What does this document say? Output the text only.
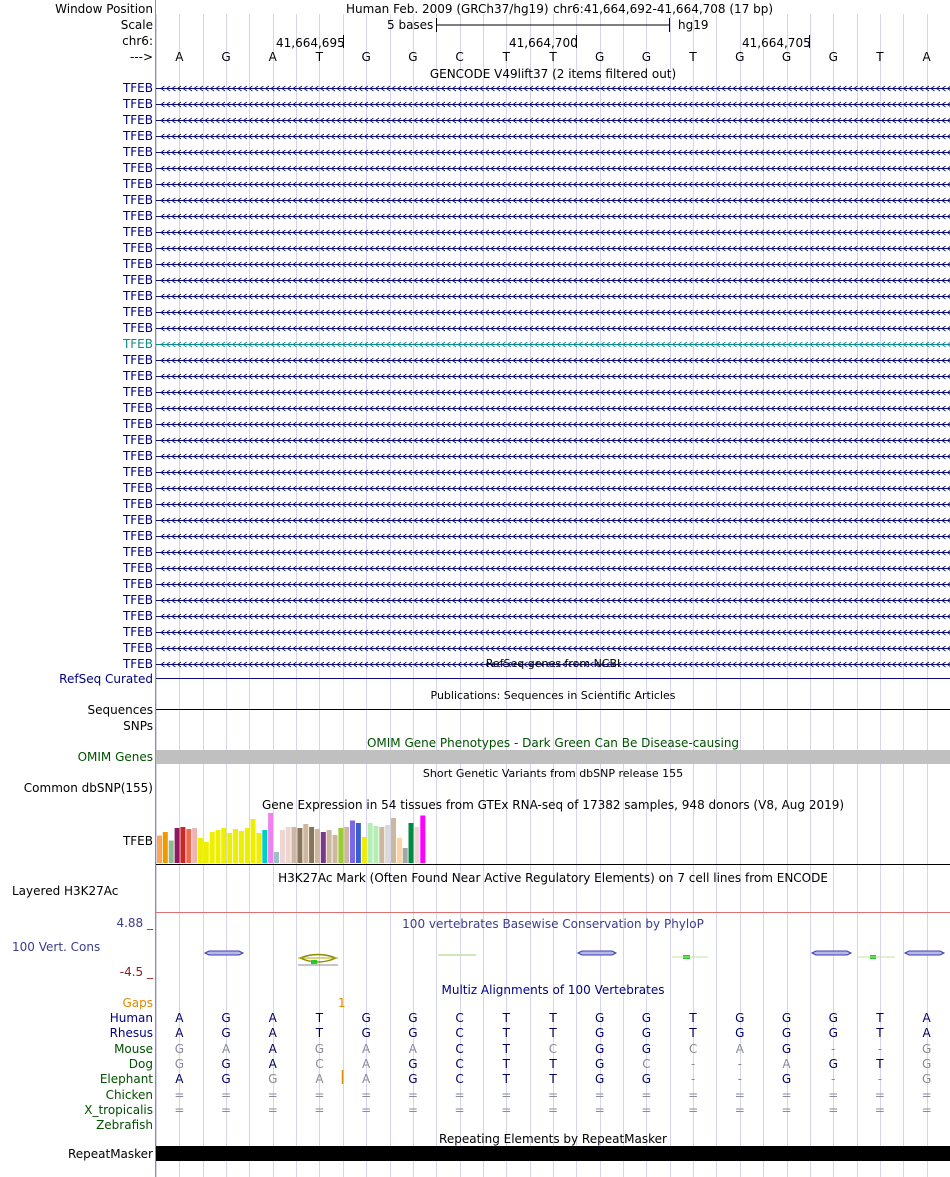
Window Position
Scale
chr6:
--->
Human Feb. 2009 (GRCh37/hg19) chr6:41,664,692-41,664,708 (17 bp)
5 bases	hg19
41,664,695	41,664,700	41,664,705
A	G	A	T	G	G	C	T	T	G	G	T	G	G	G	T	A
GENCODE V49lift37 (2 items filtered out)
TFEB
TFEB
TFEB
TFEB
TFEB
TFEB
TFEB
TFEB
TFEB
TFEB
TFEB
TFEB
TFEB
TFEB
TFEB
TFEB
TFEB
TFEB
TFEB
TFEB
TFEB
TFEB
TFEB
TFEB
TFEB
TFEB
TFEB
TFEB
TFEB
TFEB
TFEB
TFEB
TFEB
TFEB
TFEB
TFEB
TFEB	RefSeq genes from NCBI
RefSeq Curated
Publications: Sequences in Scientific Articles
Sequences
SNPs
OMIM Gene Phenotypes - Dark Green Can Be Disease-causing
OMIM Genes
Short Genetic Variants from dbSNP release 155
Common dbSNP(155)
Gene Expression in 54 tissues from GTEx RNA-seq of 17382 samples, 948 donors (V8, Aug 2019)
TFEB
H3K27Ac Mark (Often Found Near Active Regulatory Elements) on 7 cell lines from ENCODE
Layered H3K27Ac
100 vertebrates Basewise Conservation by PhyloP
4.88 _
100 Vert. Cons
-4.5 _
Multiz Alignments of 100 Vertebrates
Gaps	1
Human	A	G	A	T	G	G	C	T	T	G	G	T	G	G	G	T	A
Rhesus	A	G	A	T	G	G	C	T	T	G	G	T	G	G	G	T	A
Mouse	G	A	A	G	A	A	C	T	C	G	G	C	A	G	-	-	G
Dog	G	G	A	C	A	G	C	T	T	G	C	-	-	A	G	T	G
Elephant	A	G	G	A	A	G	C	T	T	G	G	-	-	G	-	-	G
Chicken	=	=	=	=	=	=	=	=	=	=	=	=	=	=	=	=	=
X_tropicalis	=	=	=	=	=	=	=	=	=	=	=	=	=	=	=	=	=
Zebrafish
Repeating Elements by RepeatMasker
RepeatMasker
